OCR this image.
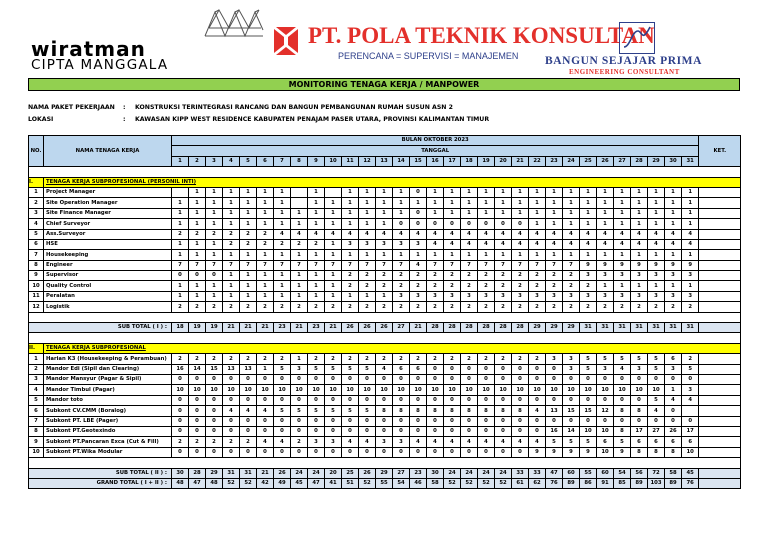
wiratman
CIPTA MANGGALA
PT. POLA TEKNIK KONSULTAN
PERENCANA = SUPERVISI = MANAJEMEN BANGUN SEJAJAR PRIMA
ENGINEERING CONSULTANT
MONITORING TENAGA KERJA / MANPOWER
NAMA PAKET PEKERJAAN : KONSTRUKSI TERINTEGRASI RANCANG DAN BANGUN PEMBANGUNAN RUMAH SUSUN ASN 2
LOKASI	: KAWASAN KIPP WEST RESIDENCE KABUPATEN PENAJAM PASER UTARA, PROVINSI KALIMANTAN TIMUR
NO.	NAMA TENAGA KERJA	BULAN OKTOBER 2023																															KET.
		TANGGAL																															
		1	2	3	4	5	6	7	8	9	10	11	12	13	14	15	16	17	18	19	20	21	22	23	24	25	26	27	28	29	30	31	

I.	TENAGA KERJA SUBPROFESIONAL (PERSONIL INTI)																																
1	Project Manager		1	1	1	1	1	1		1		1	1	1	1	0	1	1	1	1	1	1	1	1	1	1	1	1	1	1	1	1	
2	Site Operation Manager	1	1	1	1	1	1	1		1	1	1	1	1	1	1	1	1	1	1	1	1	1	1	1	1	1	1	1	1	1	1	
3	Site Finance Manager	1	1	1	1	1	1	1	1	1	1	1	1	1	1	0	1	1	1	1	1	1	1	1	1	1	1	1	1	1	1	1	
4	Chief Surveyor	1	1	1	1	1	1	1	1	1	1	1	1	1	0	0	0	0	0	0	0	0	1	1	1	1	1	1	1	1	1	1	
5	Ass.Surveyor	2	2	2	2	2	2	4	4	4	4	4	4	4	4	4	4	4	4	4	4	4	4	4	4	4	4	4	4	4	4	4	
6	HSE	1	1	1	2	2	2	2	2	2	1	3	3	3	3	3	4	4	4	4	4	4	4	4	4	4	4	4	4	4	4	4	
7	Housekeeping	1	1	1	1	1	1	1	1	1	1	1	1	1	1	1	1	1	1	1	1	1	1	1	1	1	1	1	1	1	1	1	
8	Engineer	7	7	7	7	7	7	7	7	7	7	7	7	7	7	4	7	7	7	7	7	7	7	7	7	9	9	9	9	9	9	9	
9	Supervisor	0	0	0	1	1	1	1	1	1	1	2	2	2	2	2	2	2	2	2	2	2	2	2	2	3	3	3	3	3	3	3	
10	Quality Control	1	1	1	1	1	1	1	1	1	1	2	2	2	2	2	2	2	2	2	2	2	2	2	2	2	1	1	1	1	1	1	
11	Peralatan	1	1	1	1	1	1	1	1	1	1	1	1	1	3	3	3	3	3	3	3	3	3	3	3	3	3	3	3	3	3	3	
12	Logistik	2	2	2	2	2	2	2	2	2	2	2	2	2	2	2	2	2	2	2	2	2	2	2	2	2	2	2	2	2	2	2	

SUB TOTAL ( I ) :		18	19	19	21	21	21	23	21	23	21	26	26	26	27	21	28	28	28	28	28	28	29	29	29	31	31	31	31	31	31	31	

II.	TENAGA KERJA SUBPROFESIONAL																																
1	Harian K3 (Housekeeping & Perambuan)	2	2	2	2	2	2	2	1	2	2	2	2	2	2	2	2	2	2	2	2	2	2	3	3	5	5	5	5	5	6	2	
2	Mandor Edi (Sipil dan Clearing)	16	14	15	13	13	1	5	3	5	5	5	5	4	6	6	0	0	0	0	0	0	0	0	3	5	3	4	3	5	3	5	
3	Mandor Mansyur (Pagar & Sipil)	0	0	0	0	0	0	0	0	0	0	0	0	0	0	0	0	0	0	0	0	0	0	0	0	0	0	0	0	0	0	0	
4	Mandor Timbul (Pagar)	10	10	10	10	10	10	10	10	10	10	10	10	10	10	10	10	10	10	10	10	10	10	10	10	10	10	10	10	10	1	3	
5	Mandor toto	0	0	0	0	0	0	0	0	0	0	0	0	0	0	0	0	0	0	0	0	0	0	0	0	0	0	0	0	5	4	4	
6	Subkont CV.CMM (Boralog)	0	0	0	4	4	4	5	5	5	5	5	5	8	8	8	8	8	8	8	8	8	4	13	15	15	12	8	8	4	0		
7	Subkont PT. LBE (Pager)	0	0	0	0	0	0	0	0	0	0	0	0	0	0	0	0	0	0	0	0	0	0	0	0	0	0	0	0	0	0	0	
8	Subkont PT.Geotexindo	0	0	0	0	0	0	0	0	0	0	0	0	0	0	0	0	0	0	0	0	0	0	16	14	10	10	8	17	27	26	17	
9	Subkont PT.Pancaran Exca (Cut & Fill)	2	2	2	2	2	4	4	2	3	3	4	4	3	3	4	4	4	4	4	4	4	4	5	5	5	6	5	6	6	6	6	
10	Subkont PT.Wika Modular	0	0	0	0	0	0	0	0	0	0	0	0	0	0	0	0	0	0	0	0	0	9	9	9	9	10	9	8	8	8	10	

SUB TOTAL ( II ) :		30	28	29	31	31	21	26	24	24	20	25	26	29	27	23	30	24	24	24	24	33	33	47	60	55	60	54	56	72	58	45	
GRAND TOTAL ( I + II ) :		48	47	48	52	52	42	49	45	47	41	51	52	55	54	46	58	52	52	52	52	61	62	76	89	86	91	85	89	103	89	76	
